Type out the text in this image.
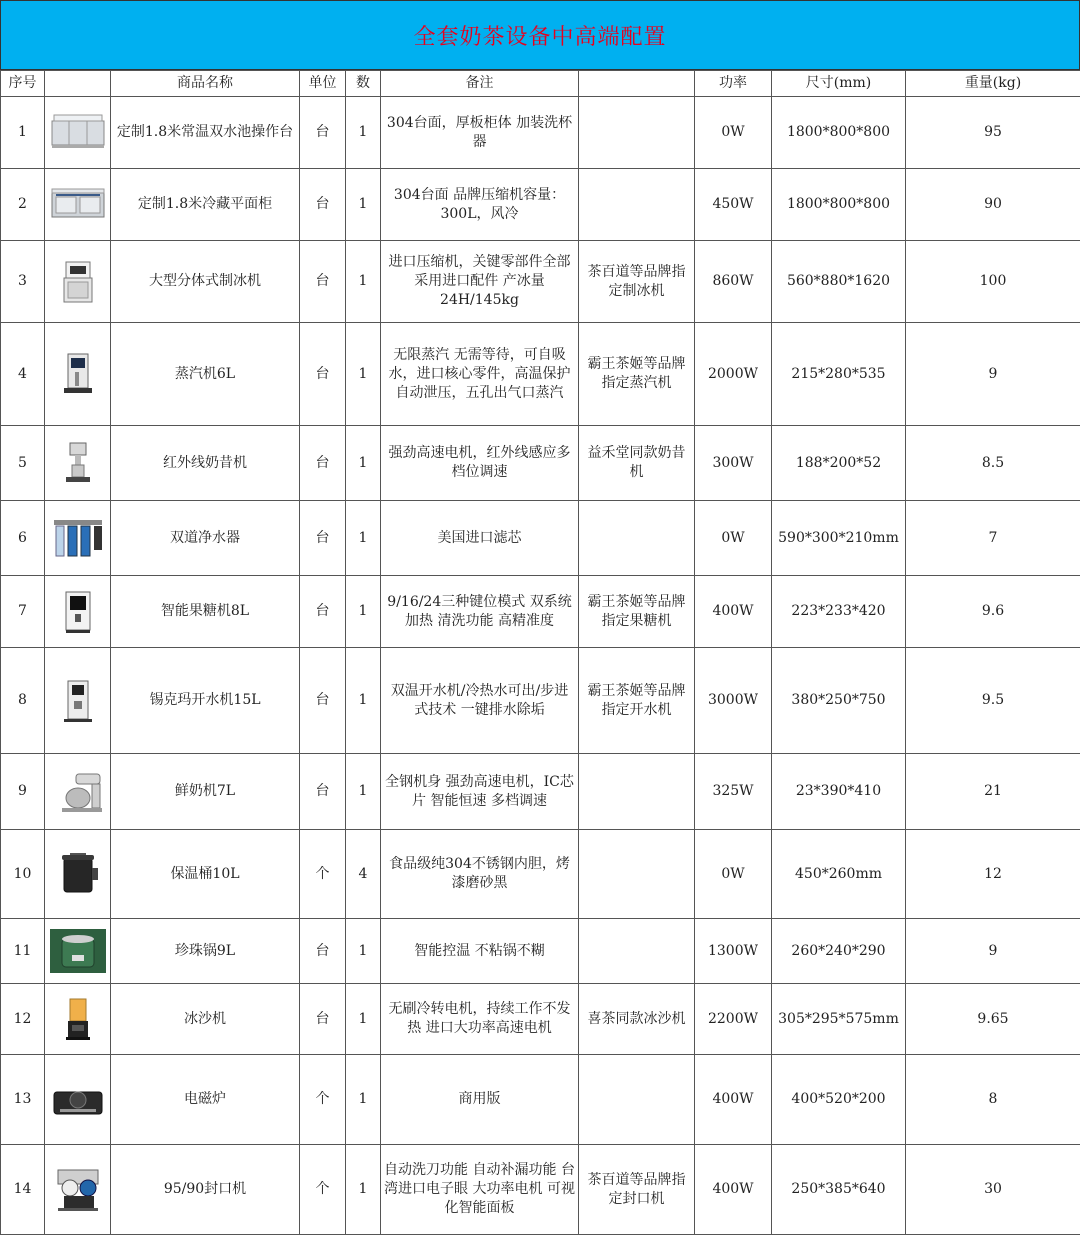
全套奶茶设备中高端配置
序号		商品名称	单位	数	备注		功率	尺寸(mm)	重量(kg)
1		定制1.8米常温双水池操作台	台	1	304台面，厚板柜体 加装洗杯器		0W	1800*800*800	95
2		定制1.8米冷藏平面柜	台	1	304台面 品牌压缩机容量：300L，风冷		450W	1800*800*800	90
3		大型分体式制冰机	台	1	进口压缩机，关键零部件全部采用进口配件 产冰量24H/145kg	茶百道等品牌指定制冰机	860W	560*880*1620	100
4		蒸汽机6L	台	1	无限蒸汽 无需等待，可自吸水，进口核心零件，高温保护自动泄压，五孔出气口蒸汽	霸王茶姬等品牌指定蒸汽机	2000W	215*280*535	9
5		红外线奶昔机	台	1	强劲高速电机，红外线感应多档位调速	益禾堂同款奶昔机	300W	188*200*52	8.5
6		双道净水器	台	1	美国进口滤芯		0W	590*300*210mm	7
7		智能果糖机8L	台	1	9/16/24三种键位模式 双系统加热 清洗功能 高精准度	霸王茶姬等品牌指定果糖机	400W	223*233*420	9.6
8		锡克玛开水机15L	台	1	双温开水机/冷热水可出/步进式技术 一键排水除垢	霸王茶姬等品牌指定开水机	3000W	380*250*750	9.5
9		鲜奶机7L	台	1	全钢机身 强劲高速电机，IC芯片 智能恒速 多档调速		325W	23*390*410	21
10		保温桶10L	个	4	食品级纯304不锈钢内胆，烤漆磨砂黑		0W	450*260mm	12
11		珍珠锅9L	台	1	智能控温 不粘锅不糊		1300W	260*240*290	9
12		冰沙机	台	1	无刷冷转电机，持续工作不发热 进口大功率高速电机	喜茶同款冰沙机	2200W	305*295*575mm	9.65
13		电磁炉	个	1	商用版		400W	400*520*200	8
14		95/90封口机	个	1	自动洗刀功能 自动补漏功能 台湾进口电子眼 大功率电机 可视化智能面板	茶百道等品牌指定封口机	400W	250*385*640	30
